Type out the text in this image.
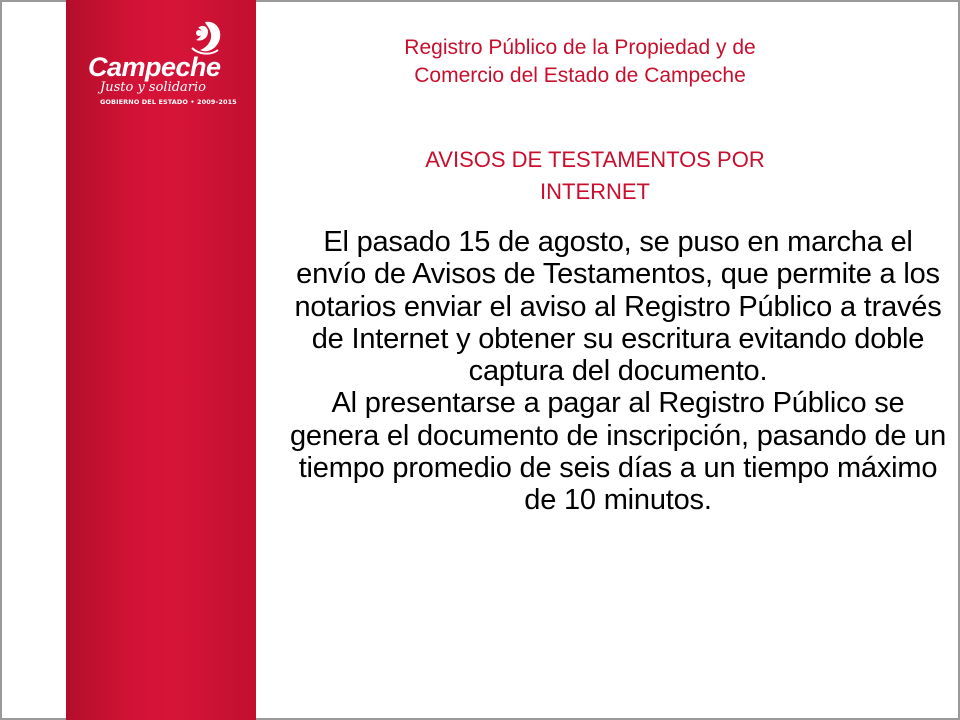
Campeche
Justo y solidario
GOBIERNO DEL ESTADO • 2009-2015
Registro Público de la Propiedad y de
Comercio del Estado de Campeche
AVISOS DE TESTAMENTOS POR
INTERNET

El pasado 15 de agosto, se puso en marcha el envío de Avisos de Testamentos, que permite a los notarios enviar el aviso al Registro Público a través de Internet y obtener su escritura evitando doble captura del documento.

Al presentarse a pagar al Registro Público se genera el documento de inscripción, pasando de un tiempo promedio de seis días a un tiempo máximo de 10 minutos.
